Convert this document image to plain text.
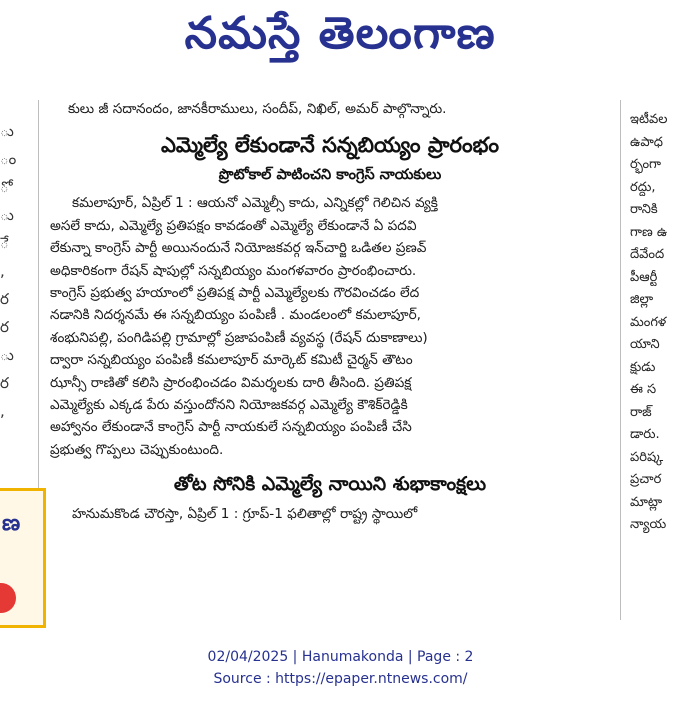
నమస్తే తెలంగాణ
ు
ం
ో
ు
ే
,
ర
ర
ు
ర
,
ణ
కులు జీ సదానందం, జానకీరాములు, సందీప్, నిఖిల్, అమర్ పాల్గొన్నారు.
ఎమ్మెల్యే లేకుండానే సన్నబియ్యం ప్రారంభం
ప్రొటోకాల్ పాటించని కాంగ్రెస్ నాయకులు
కమలాపూర్, ఏప్రిల్ 1 : ఆయనో ఎమ్మెల్సీ కాదు, ఎన్నికల్లో గెలిచిన వ్యక్తి
అసలే కాదు, ఎమ్మెల్యే ప్రతిపక్షం కావడంతో ఎమ్మెల్యే లేకుండానే ఏ పదవి
లేకున్నా కాంగ్రెస్ పార్టీ అయినందునే నియోజకవర్గ ఇన్‌చార్జి ఒడితల ప్రణవ్
అధికారికంగా రేషన్ షాపుల్లో సన్నబియ్యం మంగళవారం ప్రారంభించారు.
కాంగ్రెస్ ప్రభుత్వ హయాంలో ప్రతిపక్ష పార్టీ ఎమ్మెల్యేలకు గౌరవించడం లేద
నడానికి నిదర్శనమే ఈ సన్నబియ్యం పంపిణీ . మండలంలో కమలాపూర్,
శంభునిపల్లి, పంగిడిపల్లి గ్రామాల్లో ప్రజాపంపిణీ వ్యవస్థ (రేషన్ దుకాణాలు)
ద్వారా సన్నబియ్యం పంపిణీ కమలాపూర్ మార్కెట్ కమిటీ చైర్మన్ తౌటం
ఝాన్సీ రాణితో కలిసి ప్రారంభించడం విమర్శలకు దారి తీసింది. ప్రతిపక్ష
ఎమ్మెల్యేకు ఎక్కడ పేరు వస్తుందోనని నియోజకవర్గ ఎమ్మెల్యే కౌశిక్‌రెడ్డికి
అహ్వానం లేకుండానే కాంగ్రెస్ పార్టీ నాయకులే సన్నబియ్యం పంపిణీ చేసి
ప్రభుత్వ గొప్పలు చెప్పుకుంటుంది.
తోట సోనికి ఎమ్మెల్యే నాయిని శుభాకాంక్షలు
హనుమకొండ చౌరస్తా, ఏప్రిల్ 1 : గ్రూప్-1 ఫలితాల్లో రాష్ట్ర స్థాయిలో
ఇటీవల
ఉపాధ
ర్భంగా
రద్దు,
రానికి
గాణ ఉ
దేవేంద
పీఆర్టీ
జిల్లా
మంగళ
యాని
క్షుడు
ఈ స
రాజ్
డారు.
పరిష్క
ప్రచార
మాట్లా
న్యాయ
02/04/2025 | Hanumakonda | Page : 2
Source : https://epaper.ntnews.com/
